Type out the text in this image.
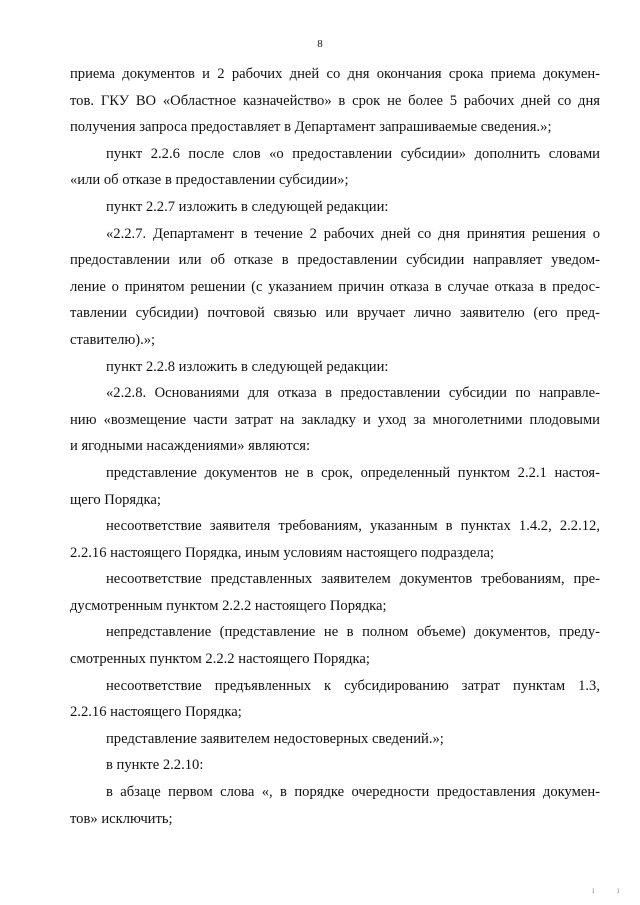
8
приема документов и 2 рабочих дней со дня окончания срока приема докумен-
тов. ГКУ ВО «Областное казначейство» в срок не более 5 рабочих дней со дня
получения запроса предоставляет в Департамент запрашиваемые сведения.»;
пункт 2.2.6 после слов «о предоставлении субсидии» дополнить словами
«или об отказе в предоставлении субсидии»;
пункт 2.2.7 изложить в следующей редакции:
«2.2.7. Департамент в течение 2 рабочих дней со дня принятия решения о
предоставлении или об отказе в предоставлении субсидии направляет уведом-
ление о принятом решении (с указанием причин отказа в случае отказа в предос-
тавлении субсидии) почтовой связью или вручает лично заявителю (его пред-
ставителю).»;
пункт 2.2.8 изложить в следующей редакции:
«2.2.8. Основаниями для отказа в предоставлении субсидии по направле-
нию «возмещение части затрат на закладку и уход за многолетними плодовыми
и ягодными насаждениями» являются:
представление документов не в срок, определенный пунктом 2.2.1 настоя-
щего Порядка;
несоответствие заявителя требованиям, указанным в пунктах 1.4.2, 2.2.12,
2.2.16 настоящего Порядка, иным условиям настоящего подраздела;
несоответствие представленных заявителем документов требованиям, пре-
дусмотренным пунктом 2.2.2 настоящего Порядка;
непредставление (представление не в полном объеме) документов, преду-
смотренных пунктом 2.2.2 настоящего Порядка;
несоответствие предъявленных к субсидированию затрат пунктам 1.3,
2.2.16 настоящего Порядка;
представление заявителем недостоверных сведений.»;
в пункте 2.2.10:
в абзаце первом слова «, в порядке очередности предоставления докумен-
тов» исключить;
ı ı
